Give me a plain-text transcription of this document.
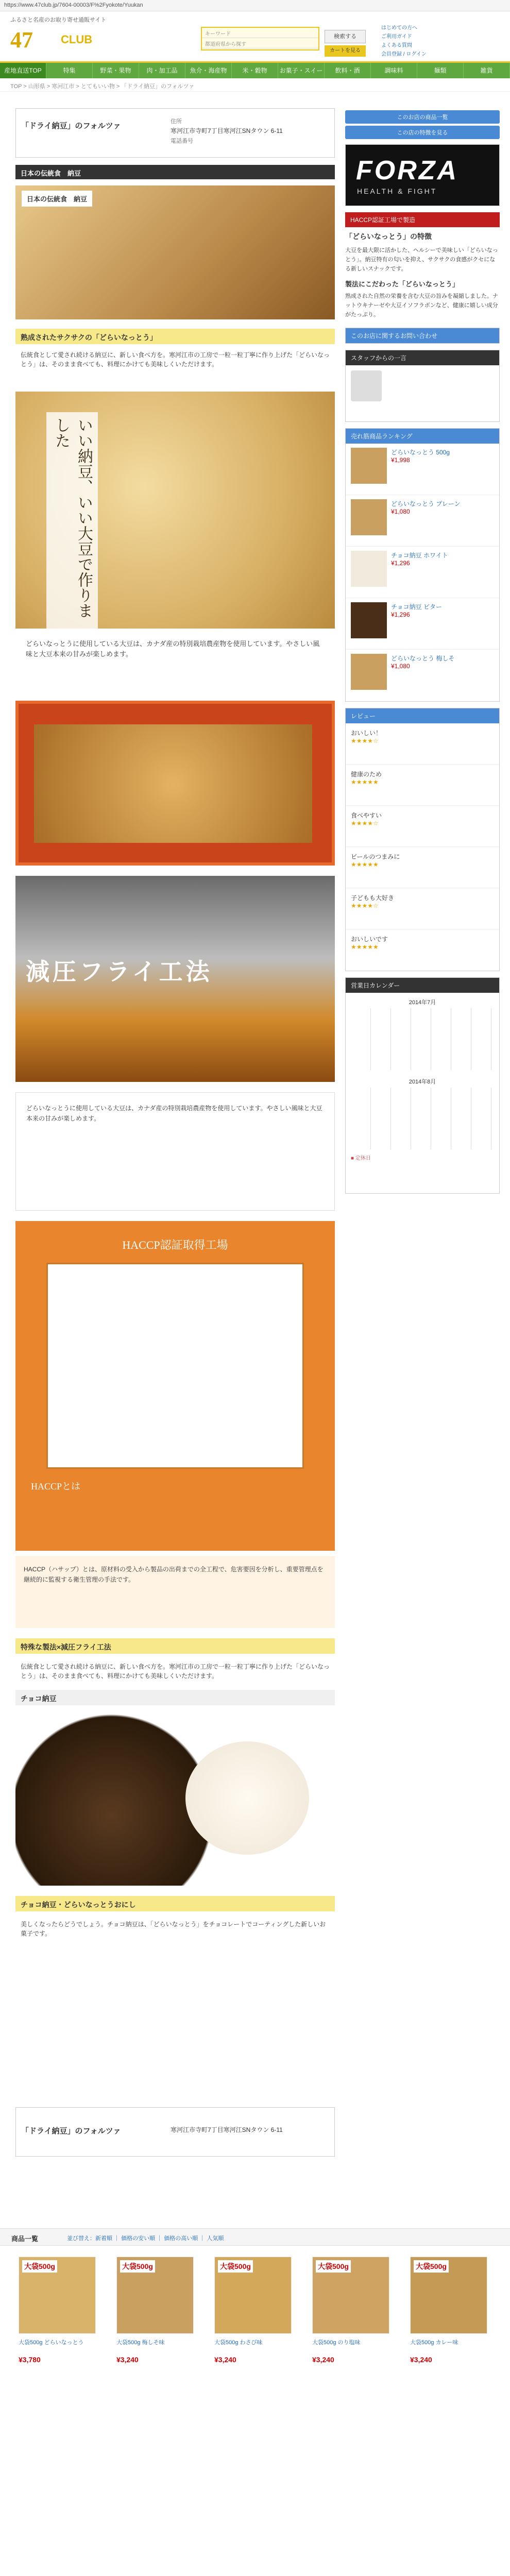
https://www.47club.jp/7604-00003/F%2Fyokote/Yuukan
ふるさと名産のお取り寄せ通販サイト
47 CLUB	キーワード
都道府県から探す
検索する
カートを見る
はじめての方へ
ご利用ガイド
よくある質問
会員登録 / ログイン
産地直送TOP	特集	野菜・果物	肉・加工品	魚介・海産物	米・穀物	お菓子・スイーツ
飲料・酒	調味料	麺類	雑貨
TOP > 山形県 > 寒河江市 > とてもいい物 > 「ドライ納豆」のフォルツァ
「ドライ納豆」のフォルツァ	住所
寒河江市寺町7丁目寒河江SNタウン 6-11
電話番号
日本の伝統食　納豆
日本の伝統食　納豆
熟成されたサクサクの「どらいなっとう」
伝統食として愛され続ける納豆に、新しい食べ方を。寒河江市の工房で一粒一粒丁寧に作り上げた「どらいなっとう」は、そのまま食べても、料理にかけても美味しくいただけます。
いい納豆、いい大豆で作りました
どらいなっとうに使用している大豆は、カナダ産の特別栽培農産物を使用しています。やさしい風味と大豆本来の甘みが楽しめます。
減圧フライ工法
どらいなっとうに使用している大豆は、カナダ産の特別栽培農産物を使用しています。やさしい風味と大豆本来の甘みが楽しめます。
HACCP認証取得工場
HACCPとは
HACCP（ハサップ）とは、原材料の受入から製品の出荷までの全工程で、危害要因を分析し、重要管理点を継続的に監視する衛生管理の手法です。
特殊な製法×減圧フライ工法
伝統食として愛され続ける納豆に、新しい食べ方を。寒河江市の工房で一粒一粒丁寧に作り上げた「どらいなっとう」は、そのまま食べても、料理にかけても美味しくいただけます。
チョコ納豆
チョコ納豆・どらいなっとうおにし
美しくなったらどうでしょう。チョコ納豆は、「どらいなっとう」をチョコレートでコーティングした新しいお菓子です。
「ドライ納豆」のフォルツァ	寒河江市寺町7丁目寒河江SNタウン 6-11
このお店の商品一覧 この店の特徴を見る
FORZA
HEALTH & FIGHT
HACCP認証工場で製造
「どらいなっとう」の特徴
大豆を最大限に活かした、ヘルシーで美味しい「どらいなっとう」。納豆特有の匂いを抑え、サクサクの食感がクセになる新しいスナックです。
製法にこだわった「どらいなっとう」
熟成された自然の栄養を含む大豆の旨みを凝縮しました。ナットウキナーゼや大豆イソフラボンなど、健康に嬉しい成分がたっぷり。
このお店に関するお問い合わせ
スタッフからの一言
売れ筋商品ランキング
どらいなっとう 500g
¥1,998
どらいなっとう プレーン
¥1,080
チョコ納豆 ホワイト
¥1,296
チョコ納豆 ビター
¥1,296
どらいなっとう 梅しそ
¥1,080
レビュー
おいしい！
★★★★☆
健康のため
★★★★★
食べやすい
★★★★☆
ビールのつまみに
★★★★★
子どもも大好き
★★★★☆
おいしいです
★★★★★
営業日カレンダー
2014年7月
2014年8月
■ 定休日
商品一覧	並び替え：新着順 ｜ 価格の安い順 ｜ 価格の高い順 ｜ 人気順
大袋500g
大袋500g どらいなっとう
¥3,780
大袋500g
大袋500g 梅しそ味
¥3,240
大袋500g
大袋500g わさび味
¥3,240
大袋500g
大袋500g のり塩味
¥3,240
大袋500g
大袋500g カレー味
¥3,240
